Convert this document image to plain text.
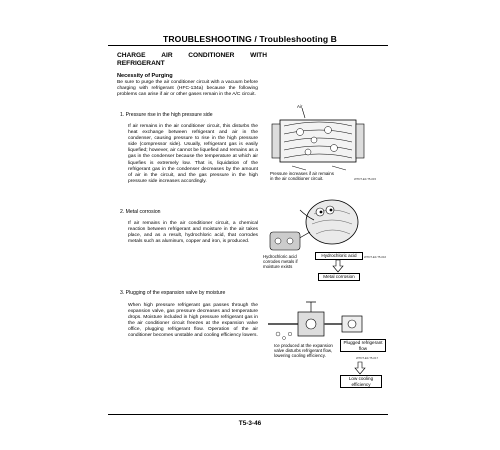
TROUBLESHOOTING / Troubleshooting B
CHARGE AIR CONDITIONER WITH
REFRIGERANT
Necessity of Purging
Be sure to purge the air conditioner circuit with a vacuum before charging with refrigerant (HFC-134a) because the following problems can arise if air or other gases remain in the A/C circuit.
1. Pressure rise in the high pressure side
If air remains in the air conditioner circuit, this disturbs the heat exchange between refrigerant and air in the condenser, causing pressure to rise in the high pressure side (compressor side). Usually, refrigerant gas is easily liquefied; however, air cannot be liquefied and remains as a gas in the condenser because the temperature at which air liquefies is extremely low. That is, liquidation of the refrigerant gas in the condenser decreases by the amount of air in the circuit, and the gas pressure in the high pressure side increases accordingly.
2. Metal corrosion
If air remains in the air conditioner circuit, a chemical reaction between refrigerant and moisture in the air takes place, and as a result, hydrochloric acid, that corrodes metals such as aluminum, copper and iron, is produced.
3. Plugging of the expansion valve by moisture
When high pressure refrigerant gas passes through the expansion valve, gas pressure decreases and temperature drops. Moisture included in high pressure refrigerant gas in the air conditioner circuit freezes at the expansion valve office, plugging refrigerant flow. Operation of the air conditioner becomes unstable and cooling efficiency lowers.
Air
Pressure increases if air remains in the air conditioner circuit.	WTDT-E0-T5-015
Hydrochloric acid corrodes metals if moisture exists
Hydrochloric acid	WTDT-E0-T5-016
Metal corrosion
Ice produced at the expansion valve disturbs refrigerant flow, lowering cooling efficiency.
Plugged refrigerant flow
WTDT-E0-T5-017
Low cooling efficiency
T5-3-46
